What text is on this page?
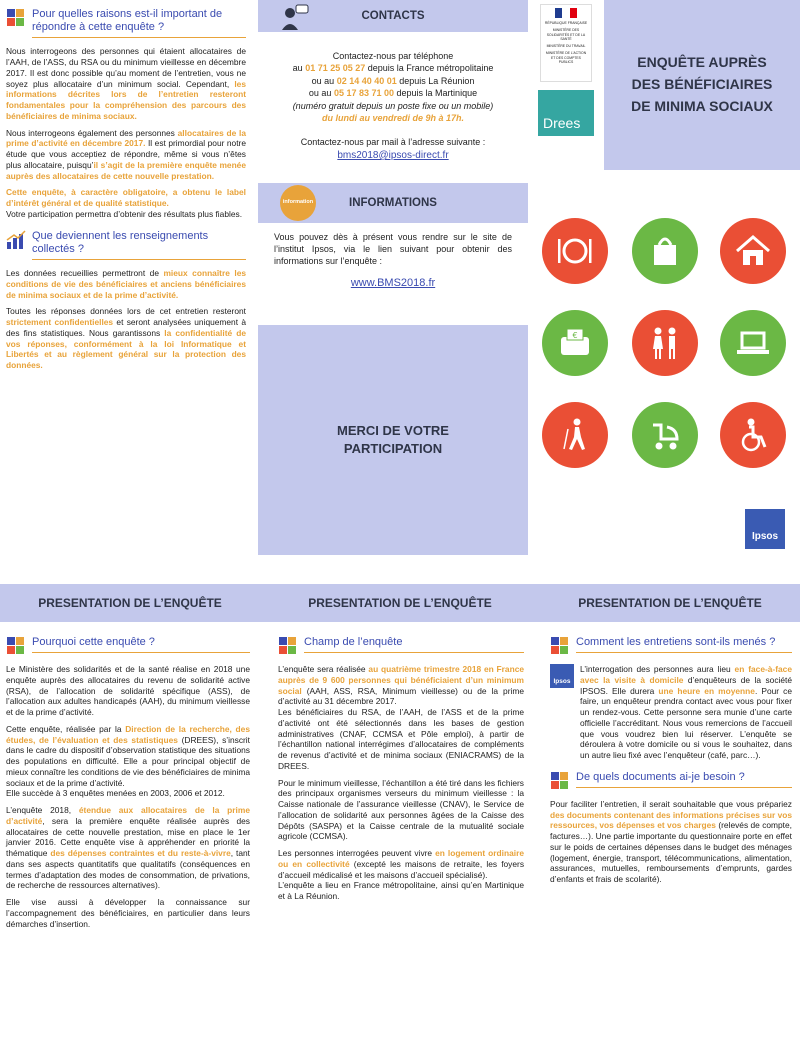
Pour quelles raisons est-il important de répondre à cette enquête ?

Nous interrogeons des personnes qui étaient allocataires de l’AAH, de l’ASS, du RSA ou du minimum vieillesse en décembre 2017. Il est donc possible qu’au moment de l’entretien, vous ne soyez plus allocataire d’un minimum social. Cependant, les informations décrites lors de l’entretien resteront fondamentales pour la compréhension des parcours des bénéficiaires de minima sociaux.

Nous interrogeons également des personnes allocataires de la prime d’activité en décembre 2017. Il est primordial pour notre étude que vous acceptiez de répondre, même si vous n’êtes plus allocataire, puisqu’il s’agit de la première enquête menée auprès des allocataires de cette nouvelle prestation.

Cette enquête, à caractère obligatoire, a obtenu le label d’intérêt général et de qualité statistique.
Votre participation permettra d’obtenir des résultats plus fiables.

Que deviennent les renseignements collectés ?

Les données recueillies permettront de mieux connaître les conditions de vie des bénéficiaires et anciens bénéficiaires de minima sociaux et de la prime d’activité.

Toutes les réponses données lors de cet entretien resteront strictement confidentielles et seront analysées uniquement à des fins statistiques. Nous garantissons la confidentialité de vos réponses, conformément à la loi Informatique et Libertés et au règlement général sur la protection des données.

CONTACTS
Contactez-nous par téléphone
au 01 71 25 05 27 depuis la France métropolitaine
ou au 02 14 40 40 01 depuis La Réunion
ou au 05 17 83 71 00 depuis la Martinique
(numéro gratuit depuis un poste fixe ou un mobile)
du lundi au vendredi de 9h à 17h.
Contactez-nous par mail à l’adresse suivante :
bms2018@ipsos-direct.fr
information	INFORMATIONS

Vous pouvez dès à présent vous rendre sur le site de l’institut Ipsos, via le lien suivant pour obtenir des informations sur l’enquête :

www.BMS2018.fr
MERCI DE VOTRE PARTICIPATION
RÉPUBLIQUE FRANÇAISE
MINISTÈRE DES SOLIDARITÉS ET DE LA SANTÉ
MINISTÈRE DU TRAVAIL
MINISTÈRE DE L’ACTION ET DES COMPTES PUBLICS
Drees
ENQUÊTE AUPRÈS DES BÉNÉFICIAIRES DE MINIMA SOCIAUX
€
Ipsos
PRESENTATION DE L’ENQUÊTE	PRESENTATION DE L’ENQUÊTE	PRESENTATION DE L’ENQUÊTE
Pourquoi cette enquête ?

Le Ministère des solidarités et de la santé réalise en 2018 une enquête auprès des allocataires du revenu de solidarité active (RSA), de l’allocation de solidarité spécifique (ASS), de l’allocation aux adultes handicapés (AAH), du minimum vieillesse et de la prime d’activité.

Cette enquête, réalisée par la Direction de la recherche, des études, de l’évaluation et des statistiques (DREES), s’inscrit dans le cadre du dispositif d’observation statistique des situations des populations en difficulté. Elle a pour principal objectif de mieux connaître les conditions de vie des bénéficiaires de minima sociaux et de la prime d’activité.
Elle succède à 3 enquêtes menées en 2003, 2006 et 2012.

L’enquête 2018, étendue aux allocataires de la prime d’activité, sera la première enquête réalisée auprès des allocataires de cette nouvelle prestation, mise en place le 1er janvier 2016. Cette enquête vise à appréhender en priorité la thématique des dépenses contraintes et du reste-à-vivre, tant dans ses aspects quantitatifs que qualitatifs (conséquences en termes d’adaptation des modes de consommation, de privations, de recherche de ressources alternatives).

Elle vise aussi à développer la connaissance sur l’accompagnement des bénéficiaires, en particulier dans leurs démarches d’insertion.

Champ de l’enquête

L’enquête sera réalisée au quatrième trimestre 2018 en France auprès de 9 600 personnes qui bénéficiaient d’un minimum social (AAH, ASS, RSA, Minimum vieillesse) ou de la prime d’activité au 31 décembre 2017.
Les bénéficiaires du RSA, de l’AAH, de l’ASS et de la prime d’activité ont été sélectionnés dans les bases de gestion administratives (CNAF, CCMSA et Pôle emploi), à partir de l’échantillon national interrégimes d’allocataires de compléments de revenus d’activité et de minima sociaux (ENIACRAMS) de la DREES.

Pour le minimum vieillesse, l’échantillon a été tiré dans les fichiers des principaux organismes verseurs du minimum vieillesse : la Caisse nationale de l’assurance vieillesse (CNAV), le Service de l’allocation de solidarité aux personnes âgées de la Caisse des Dépôts (SASPA) et la Caisse centrale de la mutualité sociale agricole (CCMSA).

Les personnes interrogées peuvent vivre en logement ordinaire ou en collectivité (excepté les maisons de retraite, les foyers d’accueil médicalisé et les maisons d’accueil spécialisé).
L’enquête a lieu en France métropolitaine, ainsi qu’en Martinique et à La Réunion.

Comment les entretiens sont-ils menés ?
Ipsos

L’interrogation des personnes aura lieu en face-à-face avec la visite à domicile d’enquêteurs de la société IPSOS. Elle durera une heure en moyenne. Pour ce faire, un enquêteur prendra contact avec vous pour fixer un rendez-vous. Cette personne sera munie d’une carte officielle l’accréditant. Nous vous remercions de l’accueil que vous voudrez bien lui réserver. L’enquête se déroulera à votre domicile ou si vous le souhaitez, dans un autre lieu fixé avec l’enquêteur (café, parc…).

De quels documents ai-je besoin ?

Pour faciliter l’entretien, il serait souhaitable que vous prépariez des documents contenant des informations précises sur vos ressources, vos dépenses et vos charges (relevés de compte, factures…). Une partie importante du questionnaire porte en effet sur le poids de certaines dépenses dans le budget des ménages (logement, énergie, transport, télécommunications, alimentation, assurances, mutuelles, remboursements d’emprunts, gardes d’enfants et frais de scolarité).
